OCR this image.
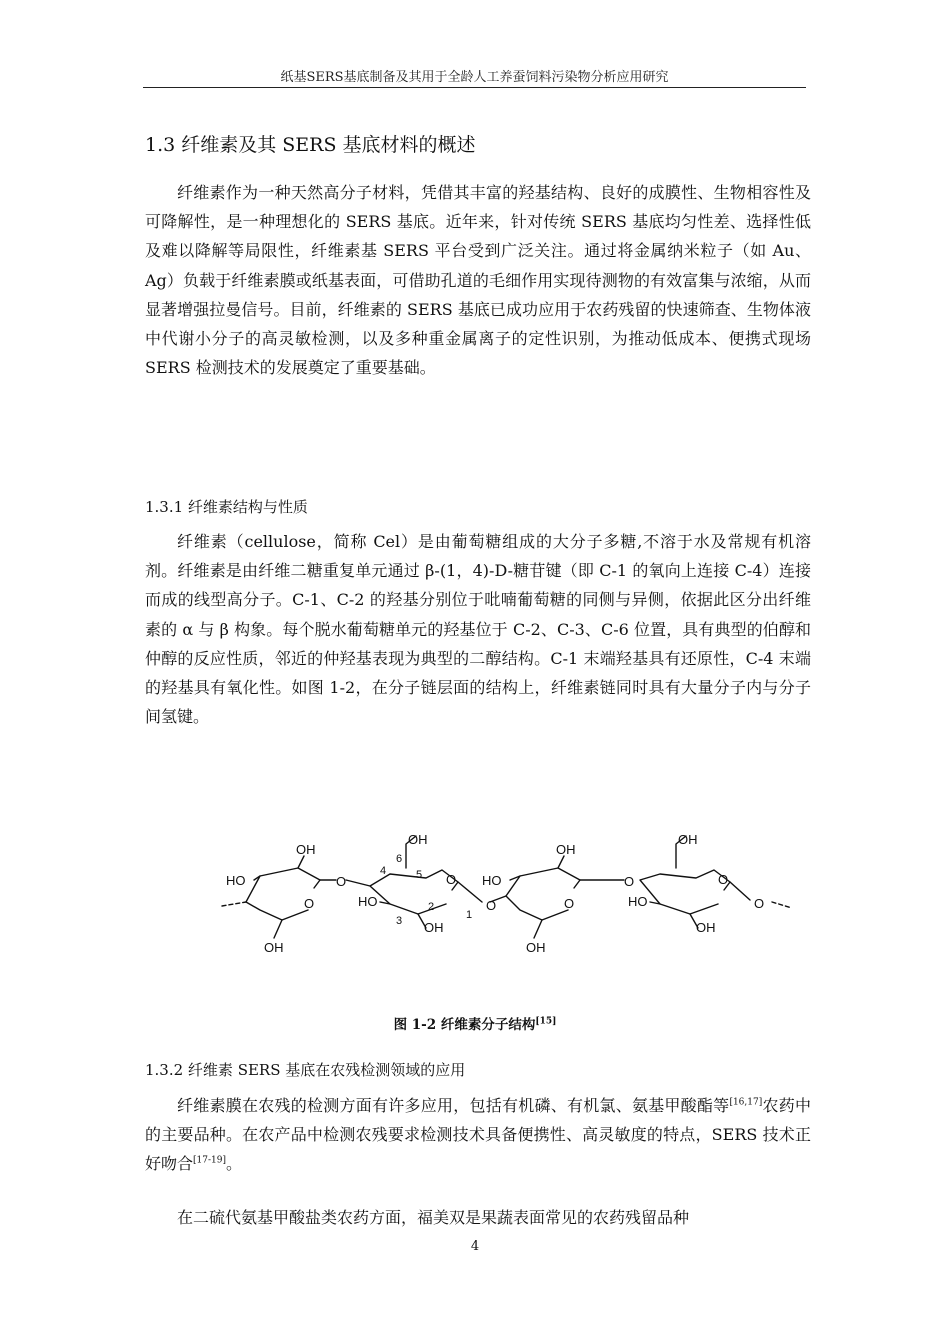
纸基SERS基底制备及其用于全龄人工养蚕饲料污染物分析应用研究
1.3 纤维素及其 SERS 基底材料的概述

纤维素作为一种天然高分子材料，凭借其丰富的羟基结构、良好的成膜性、生物相容性及可降解性，是一种理想化的 SERS 基底。近年来，针对传统 SERS 基底均匀性差、选择性低及难以降解等局限性，纤维素基 SERS 平台受到广泛关注。通过将金属纳米粒子（如 Au、Ag）负载于纤维素膜或纸基表面，可借助孔道的毛细作用实现待测物的有效富集与浓缩，从而显著增强拉曼信号。目前，纤维素的 SERS 基底已成功应用于农药残留的快速筛查、生物体液中代谢小分子的高灵敏检测，以及多种重金属离子的定性识别，为推动低成本、便携式现场 SERS 检测技术的发展奠定了重要基础。

1.3.1 纤维素结构与性质

纤维素（cellulose，简称 Cel）是由葡萄糖组成的大分子多糖,不溶于水及常规有机溶剂。纤维素是由纤维二糖重复单元通过 β-(1，4)-D-糖苷键（即 C-1 的氧向上连接 C-4）连接而成的线型高分子。C-1、C-2 的羟基分别位于吡喃葡萄糖的同侧与异侧，依据此区分出纤维素的 α 与 β 构象。每个脱水葡萄糖单元的羟基位于 C-2、C-3、C-6 位置，具有典型的伯醇和仲醇的反应性质，邻近的仲羟基表现为典型的二醇结构。C-1 末端羟基具有还原性，C-4 末端的羟基具有氧化性。如图 1-2，在分子链层面的结构上，纤维素链同时具有大量分子内与分子间氢键。

HO
OH
O
OH
O
OH
6
4	5 O
HO
3
2
1
OH
O
HO
OH
O
OH
O
OH
O
HO
OH
O
图 1-2 纤维素分子结构[15]
1.3.2 纤维素 SERS 基底在农残检测领域的应用

纤维素膜在农残的检测方面有许多应用，包括有机磷、有机氯、氨基甲酸酯等[16,17]农药中的主要品种。在农产品中检测农残要求检测技术具备便携性、高灵敏度的特点，SERS 技术正好吻合[17-19]。

在二硫代氨基甲酸盐类农药方面，福美双是果蔬表面常见的农药残留品种

4
